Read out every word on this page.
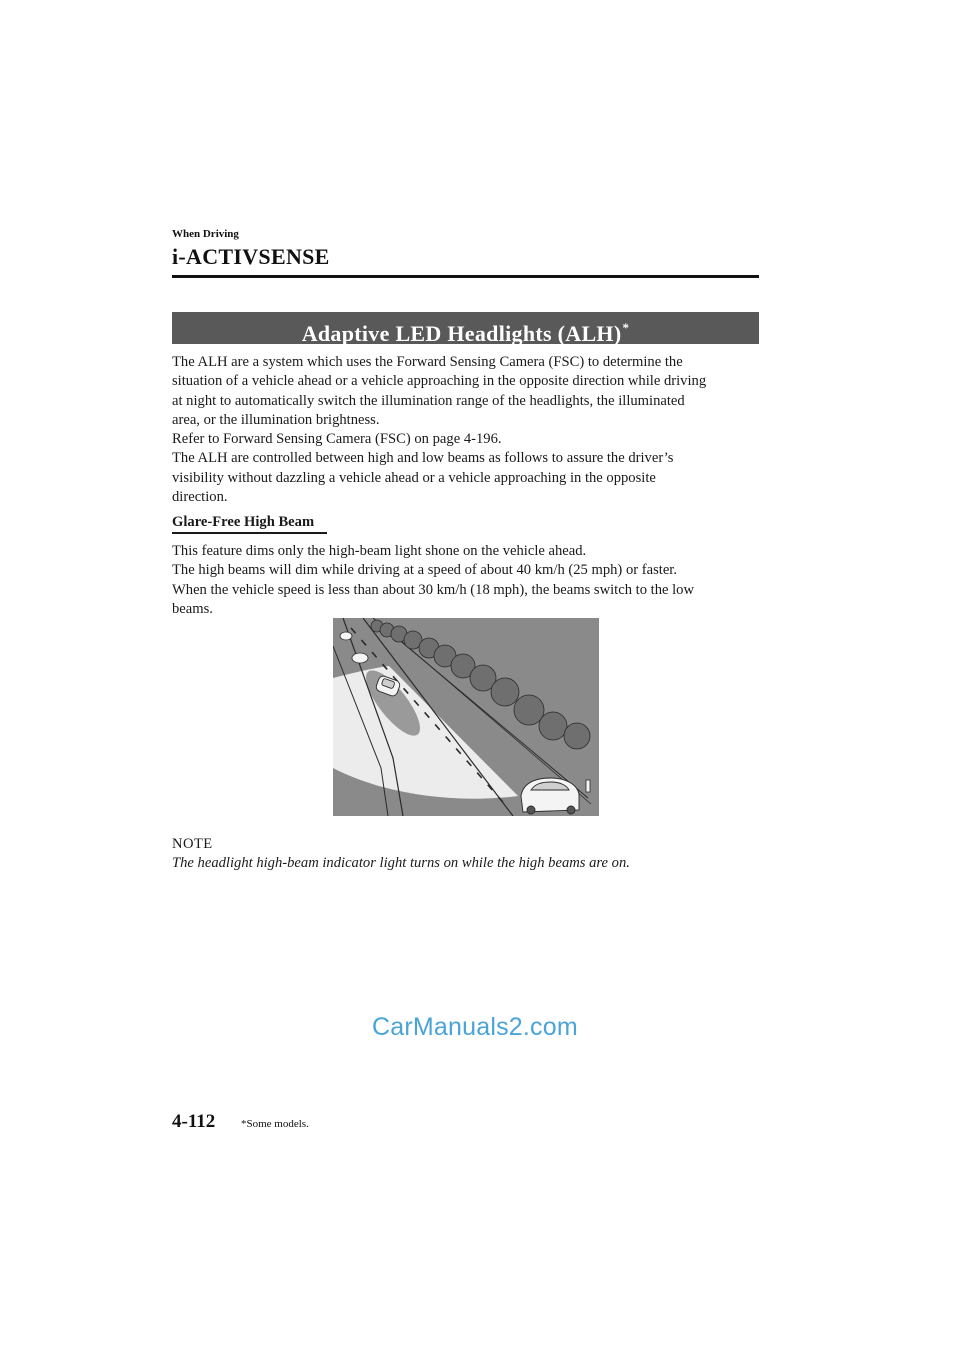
When Driving
i-ACTIVSENSE
Adaptive LED Headlights (ALH)*

The ALH are a system which uses the Forward Sensing Camera (FSC) to determine the

situation of a vehicle ahead or a vehicle approaching in the opposite direction while driving

at night to automatically switch the illumination range of the headlights, the illuminated

area, or the illumination brightness.

Refer to Forward Sensing Camera (FSC) on page 4-196.

The ALH are controlled between high and low beams as follows to assure the driver’s

visibility without dazzling a vehicle ahead or a vehicle approaching in the opposite

direction.

Glare-Free High Beam

This feature dims only the high-beam light shone on the vehicle ahead.

The high beams will dim while driving at a speed of about 40 km/h (25 mph) or faster.

When the vehicle speed is less than about 30 km/h (18 mph), the beams switch to the low

beams.

NOTE
The headlight high-beam indicator light turns on while the high beams are on.
CarManuals2.com
4-112 *Some models.
